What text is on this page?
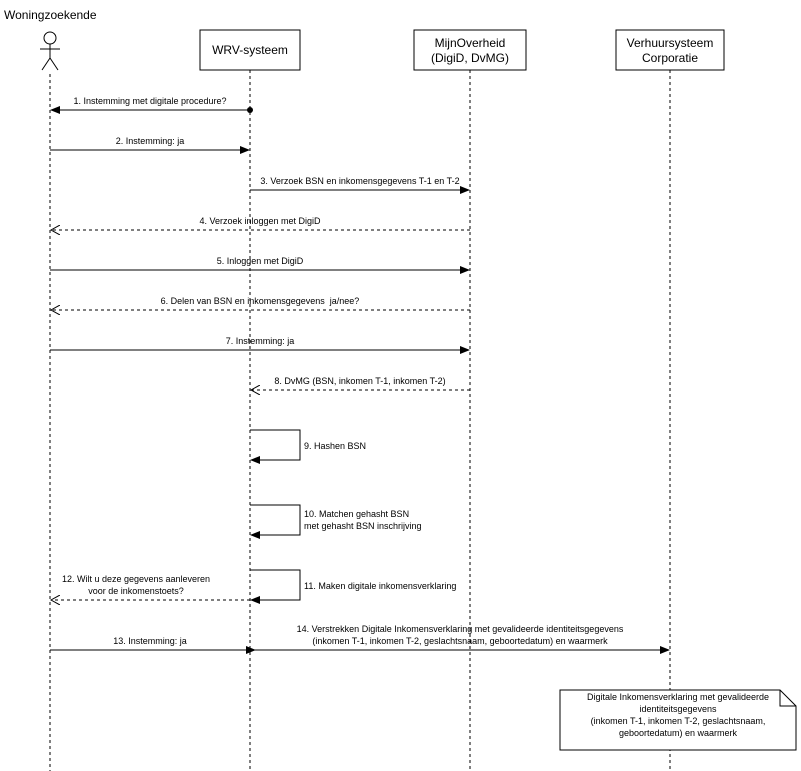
Woningzoekende
WRV-systeem	MijnOverheid
(DigiD, DvMG)
Verhuursysteem
Corporatie
1. Instemming met digitale procedure?
2. Instemming: ja
3. Verzoek BSN en inkomensgegevens T-1 en T-2
4. Verzoek inloggen met DigiD
5. Inloggen met DigiD
6. Delen van BSN en inkomensgegevens  ja/nee?
7. Instemming: ja
8. DvMG (BSN, inkomen T-1, inkomen T-2)
9. Hashen BSN
10. Matchen gehasht BSN
met gehasht BSN inschrijving
11. Maken digitale inkomensverklaring
12. Wilt u deze gegevens aanleveren
voor de inkomenstoets?
13. Instemming: ja
14. Verstrekken Digitale Inkomensverklaring met gevalideerde identiteitsgegevens
(inkomen T-1, inkomen T-2, geslachtsnaam, geboortedatum) en waarmerk
Digitale Inkomensverklaring met gevalideerde
identiteitsgegevens
(inkomen T-1, inkomen T-2, geslachtsnaam,
geboortedatum) en waarmerk
